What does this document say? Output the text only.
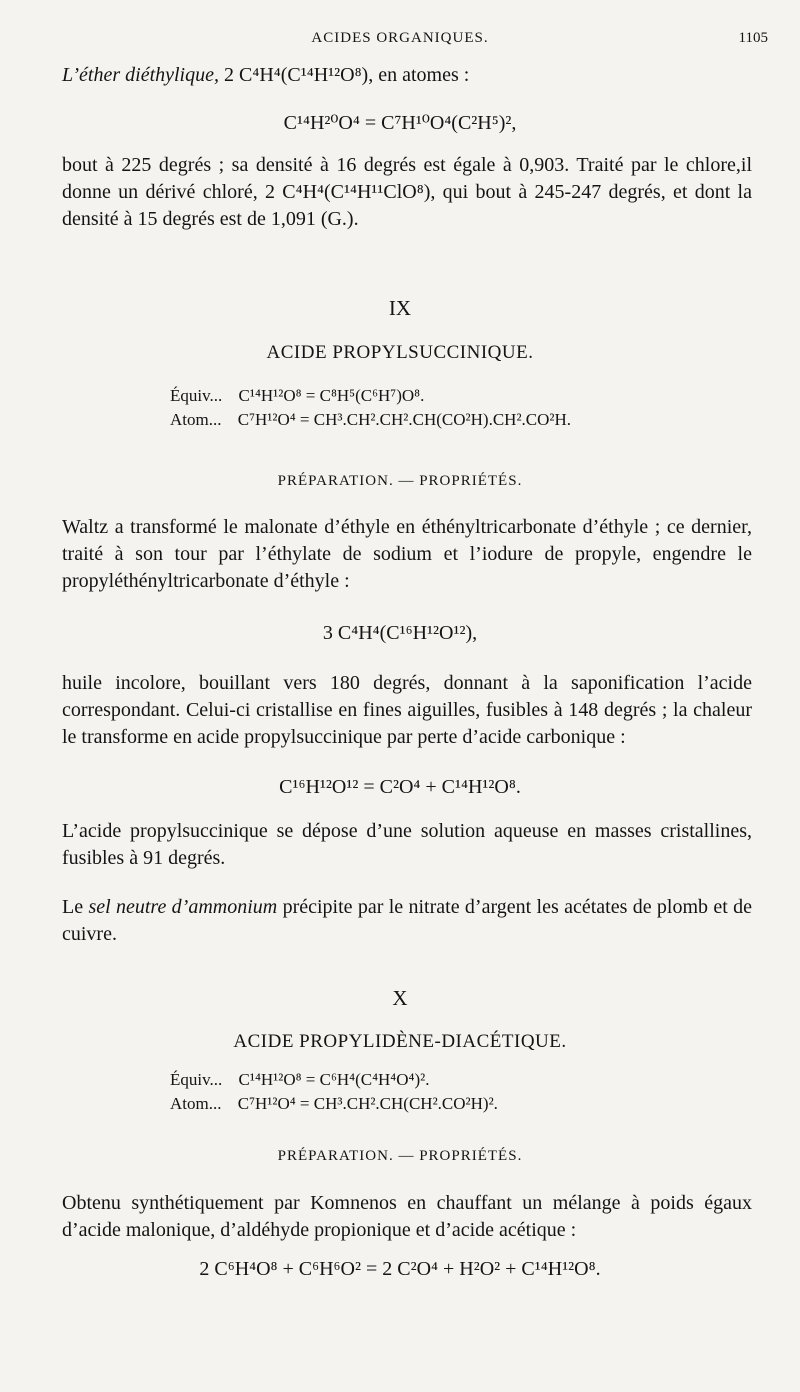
ACIDES ORGANIQUES.	1105

L’éther diéthylique, 2 C⁴H⁴(C¹⁴H¹²O⁸), en atomes :

C¹⁴H²⁰O⁴ = C⁷H¹⁰O⁴(C²H⁵)²,

bout à 225 degrés ; sa densité à 16 degrés est égale à 0,903. Traité par le chlore,il donne un dérivé chloré, 2 C⁴H⁴(C¹⁴H¹¹ClO⁸), qui bout à 245-247 degrés, et dont la densité à 15 degrés est de 1,091 (G.).

IX
ACIDE PROPYLSUCCINIQUE.
Équiv... C¹⁴H¹²O⁸ = C⁸H⁵(C⁶H⁷)O⁸.
Atom... C⁷H¹²O⁴ = CH³.CH².CH².CH(CO²H).CH².CO²H.
PRÉPARATION. — PROPRIÉTÉS.

Waltz a transformé le malonate d’éthyle en éthényltricarbonate d’éthyle ; ce dernier, traité à son tour par l’éthylate de sodium et l’iodure de propyle, engendre le propyléthényltricarbonate d’éthyle :

3 C⁴H⁴(C¹⁶H¹²O¹²),

huile incolore, bouillant vers 180 degrés, donnant à la saponification l’acide correspondant. Celui-ci cristallise en fines aiguilles, fusibles à 148 degrés ; la chaleur le transforme en acide propylsuccinique par perte d’acide carbonique :

C¹⁶H¹²O¹² = C²O⁴ + C¹⁴H¹²O⁸.

L’acide propylsuccinique se dépose d’une solution aqueuse en masses cristallines, fusibles à 91 degrés.

Le sel neutre d’ammonium précipite par le nitrate d’argent les acétates de plomb et de cuivre.

X
ACIDE PROPYLIDÈNE-DIACÉTIQUE.
Équiv... C¹⁴H¹²O⁸ = C⁶H⁴(C⁴H⁴O⁴)².
Atom... C⁷H¹²O⁴ = CH³.CH².CH(CH².CO²H)².
PRÉPARATION. — PROPRIÉTÉS.

Obtenu synthétiquement par Komnenos en chauffant un mélange à poids égaux d’acide malonique, d’aldéhyde propionique et d’acide acétique :

2 C⁶H⁴O⁸ + C⁶H⁶O² = 2 C²O⁴ + H²O² + C¹⁴H¹²O⁸.
